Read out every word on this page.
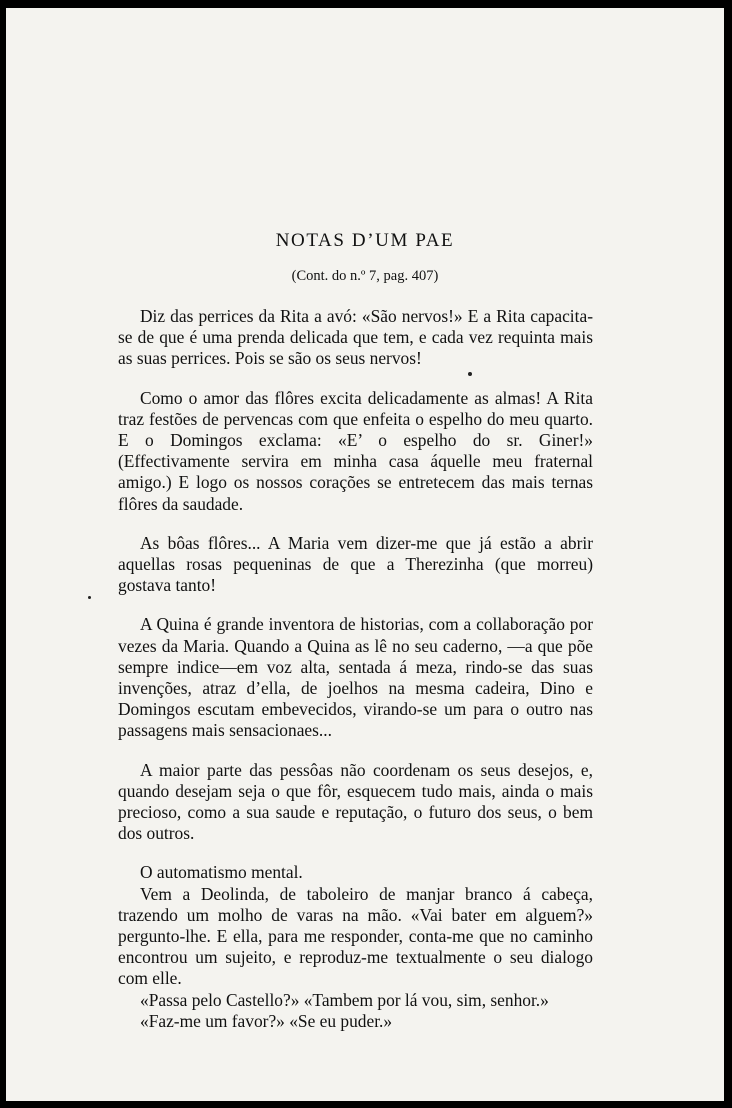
NOTAS D’UM PAE
(Cont. do n.º 7, pag. 407)

Diz das perrices da Rita a avó: «São nervos!» E a Rita capacita-se de que é uma prenda delicada que tem, e cada vez requinta mais as suas perrices. Pois se são os seus nervos!

Como o amor das flôres excita delicadamente as almas! A Rita traz festões de pervencas com que enfeita o espelho do meu quarto. E o Domingos exclama: «E’ o espelho do sr. Giner!» (Effectivamente servira em minha casa áquelle meu fraternal amigo.) E logo os nossos corações se entretecem das mais ternas flôres da saudade.

As bôas flôres... A Maria vem dizer-me que já estão a abrir aquellas rosas pequeninas de que a Therezinha (que morreu) gostava tanto!

A Quina é grande inventora de historias, com a collaboração por vezes da Maria. Quando a Quina as lê no seu caderno, —a que põe sempre indice—em voz alta, sentada á meza, rindo-se das suas invenções, atraz d’ella, de joelhos na mesma cadeira, Dino e Domingos escutam embevecidos, virando-se um para o outro nas passagens mais sensacionaes...

A maior parte das pessôas não coordenam os seus desejos, e, quando desejam seja o que fôr, esquecem tudo mais, ainda o mais precioso, como a sua saude e reputação, o futuro dos seus, o bem dos outros.

O automatismo mental.

Vem a Deolinda, de taboleiro de manjar branco á cabeça, trazendo um molho de varas na mão. «Vai bater em alguem?» pergunto-lhe. E ella, para me responder, conta-me que no caminho encontrou um sujeito, e reproduz-me textualmente o seu dialogo com elle.

«Passa pelo Castello?» «Tambem por lá vou, sim, senhor.»

«Faz-me um favor?» «Se eu puder.»
